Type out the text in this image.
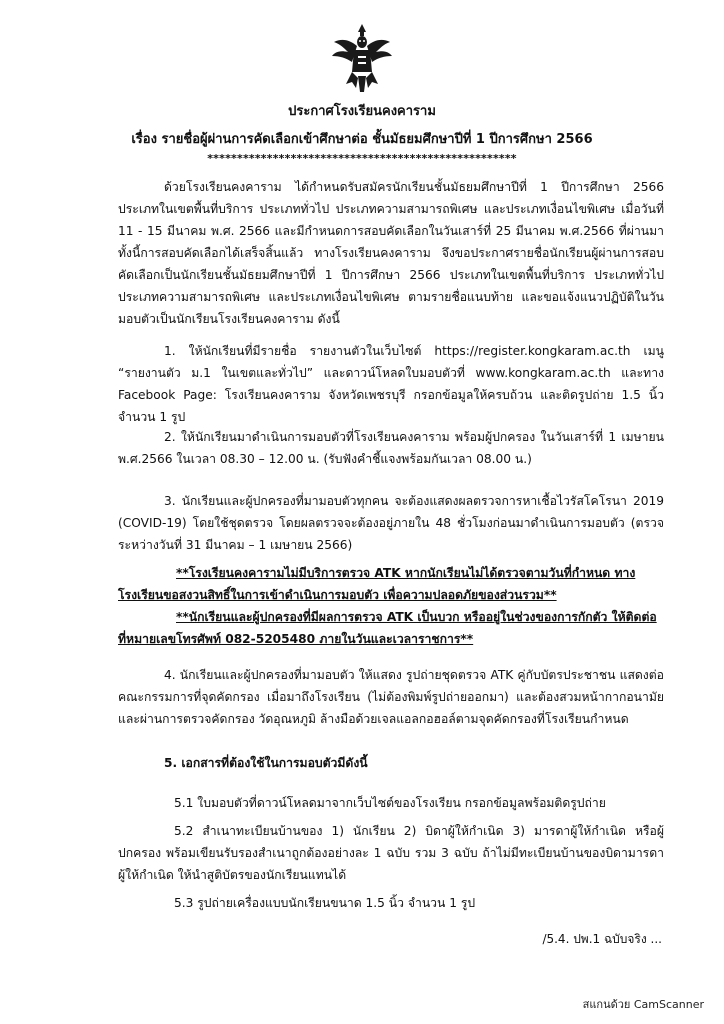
ประกาศโรงเรียนคงคาราม
เรื่อง รายชื่อผู้ผ่านการคัดเลือกเข้าศึกษาต่อ ชั้นมัธยมศึกษาปีที่ 1 ปีการศึกษา 2566
****************************************************

ด้วยโรงเรียนคงคาราม ได้กำหนดรับสมัครนักเรียนชั้นมัธยมศึกษาปีที่ 1 ปีการศึกษา 2566 ประเภทในเขตพื้นที่บริการ ประเภททั่วไป ประเภทความสามารถพิเศษ และประเภทเงื่อนไขพิเศษ เมื่อวันที่ 11 - 15 มีนาคม พ.ศ. 2566 และมีกำหนดการสอบคัดเลือกในวันเสาร์ที่ 25 มีนาคม พ.ศ.2566 ที่ผ่านมา ทั้งนี้การสอบคัดเลือกได้เสร็จสิ้นแล้ว ทางโรงเรียนคงคาราม จึงขอประกาศรายชื่อนักเรียนผู้ผ่านการสอบคัดเลือกเป็นนักเรียนชั้นมัธยมศึกษาปีที่ 1 ปีการศึกษา 2566 ประเภทในเขตพื้นที่บริการ ประเภททั่วไป ประเภทความสามารถพิเศษ และประเภทเงื่อนไขพิเศษ ตามรายชื่อแนบท้าย และขอแจ้งแนวปฏิบัติในวันมอบตัวเป็นนักเรียนโรงเรียนคงคาราม ดังนี้

1. ให้นักเรียนที่มีรายชื่อ รายงานตัวในเว็บไซต์ https://register.kongkaram.ac.th เมนู “รายงานตัว ม.1 ในเขตและทั่วไป” และดาวน์โหลดใบมอบตัวที่ www.kongkaram.ac.th และทาง Facebook Page: โรงเรียนคงคาราม จังหวัดเพชรบุรี กรอกข้อมูลให้ครบถ้วน และติดรูปถ่าย 1.5 นิ้ว จำนวน 1 รูป

2. ให้นักเรียนมาดำเนินการมอบตัวที่โรงเรียนคงคาราม พร้อมผู้ปกครอง ในวันเสาร์ที่ 1 เมษายน พ.ศ.2566 ในเวลา 08.30 – 12.00 น. (รับฟังคำชี้แจงพร้อมกันเวลา 08.00 น.)

3. นักเรียนและผู้ปกครองที่มามอบตัวทุกคน จะต้องแสดงผลตรวจการหาเชื้อไวรัสโคโรนา 2019 (COVID-19) โดยใช้ชุดตรวจ โดยผลตรวจจะต้องอยู่ภายใน 48 ชั่วโมงก่อนมาดำเนินการมอบตัว (ตรวจระหว่างวันที่ 31 มีนาคม – 1 เมษายน 2566)

**โรงเรียนคงคารามไม่มีบริการตรวจ ATK หากนักเรียนไม่ได้ตรวจตามวันที่กำหนด ทางโรงเรียนขอสงวนสิทธิ์ในการเข้าดำเนินการมอบตัว เพื่อความปลอดภัยของส่วนรวม**

**นักเรียนและผู้ปกครองที่มีผลการตรวจ ATK เป็นบวก หรืออยู่ในช่วงของการกักตัว ให้ติดต่อที่หมายเลขโทรศัพท์ 082-5205480 ภายในวันและเวลาราชการ**

4. นักเรียนและผู้ปกครองที่มามอบตัว ให้แสดง รูปถ่ายชุดตรวจ ATK คู่กับบัตรประชาชน แสดงต่อคณะกรรมการที่จุดคัดกรอง เมื่อมาถึงโรงเรียน (ไม่ต้องพิมพ์รูปถ่ายออกมา) และต้องสวมหน้ากากอนามัยและผ่านการตรวจคัดกรอง วัดอุณหภูมิ ล้างมือด้วยเจลแอลกอฮอล์ตามจุดคัดกรองที่โรงเรียนกำหนด

5. เอกสารที่ต้องใช้ในการมอบตัวมีดังนี้

5.1 ใบมอบตัวที่ดาวน์โหลดมาจากเว็บไซต์ของโรงเรียน กรอกข้อมูลพร้อมติดรูปถ่าย

5.2 สำเนาทะเบียนบ้านของ 1) นักเรียน 2) บิดาผู้ให้กำเนิด 3) มารดาผู้ให้กำเนิด หรือผู้ปกครอง พร้อมเขียนรับรองสำเนาถูกต้องอย่างละ 1 ฉบับ รวม 3 ฉบับ ถ้าไม่มีทะเบียนบ้านของบิดามารดาผู้ให้กำเนิด ให้นำสูติบัตรของนักเรียนแทนได้

5.3 รูปถ่ายเครื่องแบบนักเรียนขนาด 1.5 นิ้ว จำนวน 1 รูป

/5.4. ปพ.1 ฉบับจริง ...
สแกนด้วย CamScanner
